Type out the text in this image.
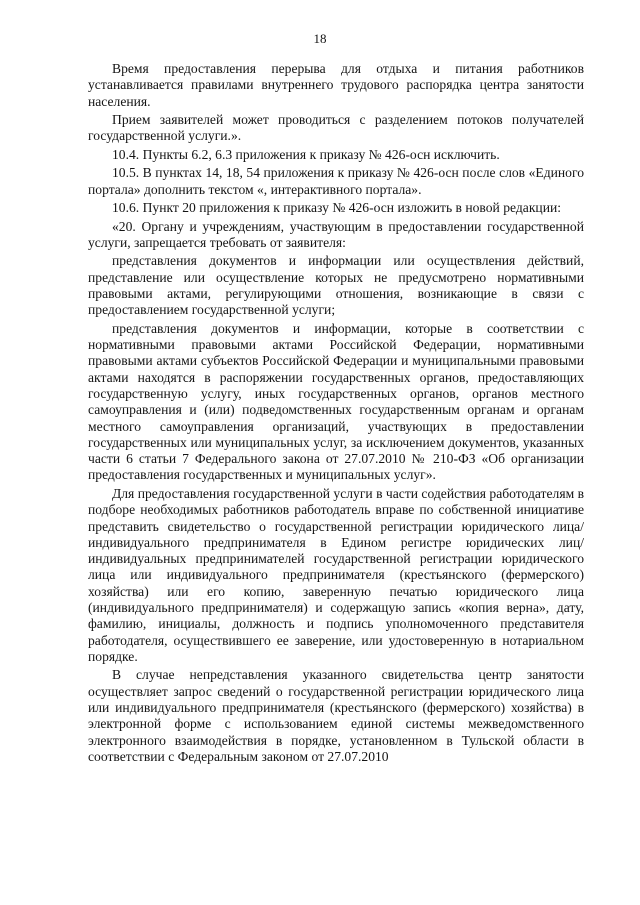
18

Время предоставления перерыва для отдыха и питания работников устанавливается правилами внутреннего трудового распорядка центра занятости населения.

Прием заявителей может проводиться с разделением потоков получателей государственной услуги.».

10.4. Пункты 6.2, 6.3 приложения к приказу № 426-осн исключить.

10.5. В пунктах 14, 18, 54 приложения к приказу № 426-осн после слов «Единого портала» дополнить текстом «, интерактивного портала».

10.6. Пункт 20 приложения к приказу № 426-осн изложить в новой редакции:

«20. Органу и учреждениям, участвующим в предоставлении государственной услуги, запрещается требовать от заявителя:

представления документов и информации или осуществления действий, представление или осуществление которых не предусмотрено нормативными правовыми актами, регулирующими отношения, возникающие в связи с предоставлением государственной услуги;

представления документов и информации, которые в соответствии с нормативными правовыми актами Российской Федерации, нормативными правовыми актами субъектов Российской Федерации и муниципальными правовыми актами находятся в распоряжении государственных органов, предоставляющих государственную услугу, иных государственных органов, органов местного самоуправления и (или) подведомственных государственным органам и органам местного самоуправления организаций, участвующих в предоставлении государственных или муниципальных услуг, за исключением документов, указанных части 6 статьи 7 Федерального закона от 27.07.2010 № 210-ФЗ «Об организации предоставления государственных и муниципальных услуг».

Для предоставления государственной услуги в части содействия работодателям в подборе необходимых работников работодатель вправе по собственной инициативе представить свидетельство о государственной регистрации юридического лица/индивидуального предпринимателя в Едином регистре юридических лиц/индивидуальных предпринимателей государственной регистрации юридического лица или индивидуального предпринимателя (крестьянского (фермерского) хозяйства) или его копию, заверенную печатью юридического лица (индивидуального предпринимателя) и содержащую запись «копия верна», дату, фамилию, инициалы, должность и подпись уполномоченного представителя работодателя, осуществившего ее заверение, или удостоверенную в нотариальном порядке.

В случае непредставления указанного свидетельства центр занятости осуществляет запрос сведений о государственной регистрации юридического лица или индивидуального предпринимателя (крестьянского (фермерского) хозяйства) в электронной форме с использованием единой системы межведомственного электронного взаимодействия в порядке, установленном в Тульской области в соответствии с Федеральным законом от 27.07.2010
